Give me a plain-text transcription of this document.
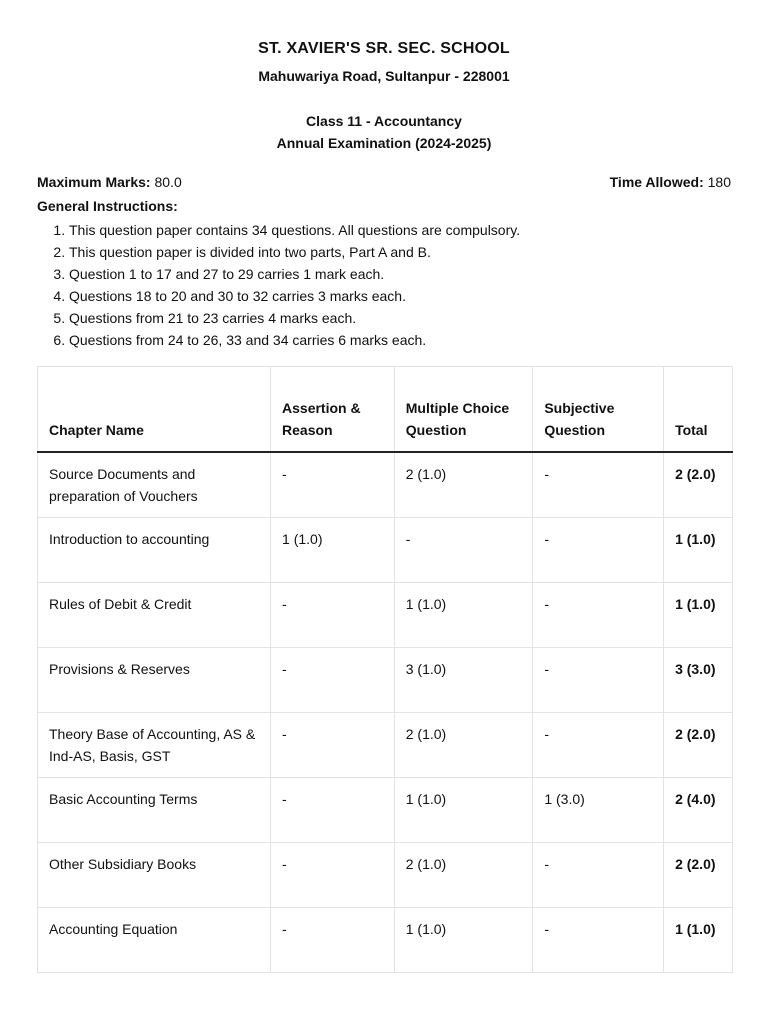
ST. XAVIER'S SR. SEC. SCHOOL
Mahuwariya Road, Sultanpur - 228001
Class 11 - Accountancy
Annual Examination (2024-2025)
Maximum Marks: 80.0	Time Allowed: 180
General Instructions:
1. This question paper contains 34 questions. All questions are compulsory.
2. This question paper is divided into two parts, Part A and B.
3. Question 1 to 17 and 27 to 29 carries 1 mark each.
4. Questions 18 to 20 and 30 to 32 carries 3 marks each.
5. Questions from 21 to 23 carries 4 marks each.
6. Questions from 24 to 26, 33 and 34 carries 6 marks each.
Chapter Name	Assertion & Reason	Multiple Choice Question	Subjective Question	Total
Source Documents and preparation of Vouchers	-	2 (1.0)	-	2 (2.0)
Introduction to accounting	1 (1.0)	-	-	1 (1.0)
Rules of Debit & Credit	-	1 (1.0)	-	1 (1.0)
Provisions & Reserves	-	3 (1.0)	-	3 (3.0)
Theory Base of Accounting, AS & Ind-AS, Basis, GST	-	2 (1.0)	-	2 (2.0)
Basic Accounting Terms	-	1 (1.0)	1 (3.0)	2 (4.0)
Other Subsidiary Books	-	2 (1.0)	-	2 (2.0)
Accounting Equation	-	1 (1.0)	-	1 (1.0)
